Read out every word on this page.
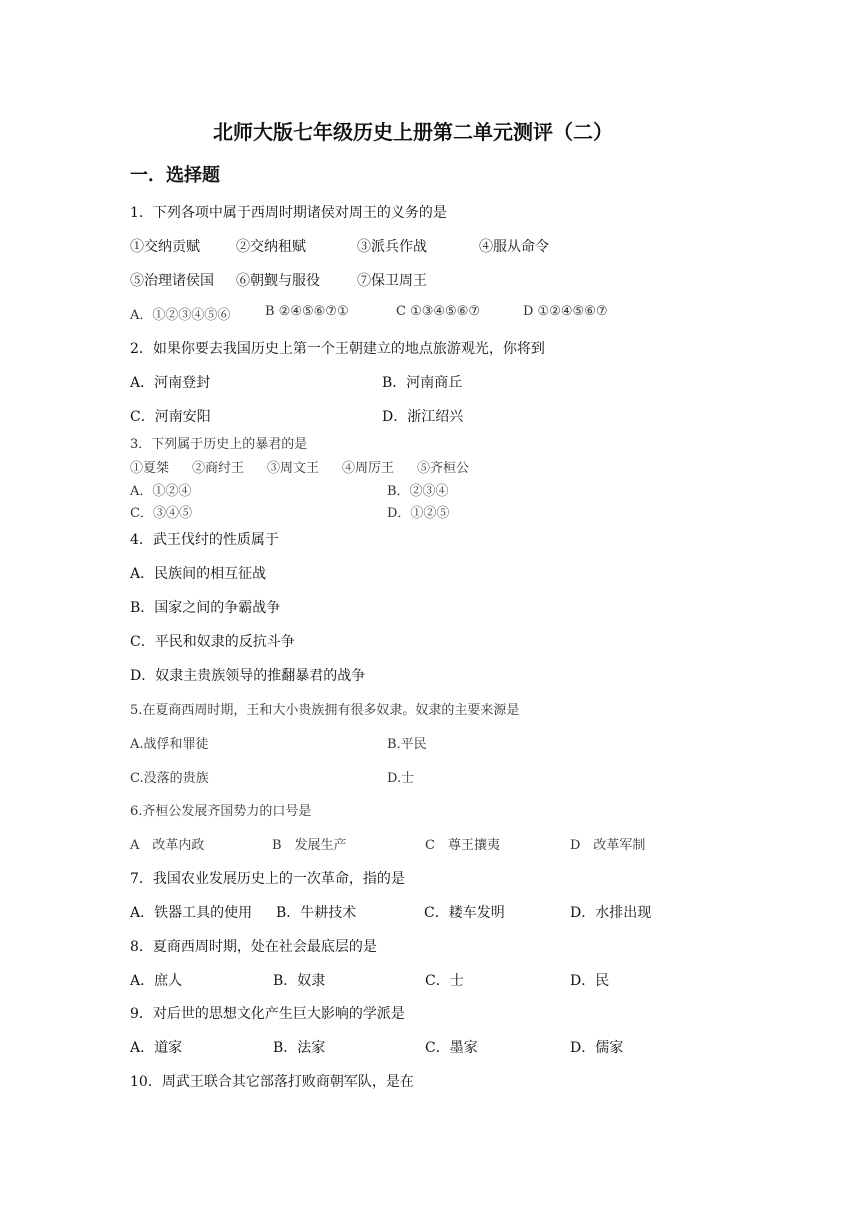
北师大版七年级历史上册第二单元测评（二）
一．选择题
1．下列各项中属于西周时期诸侯对周王的义务的是
①交纳贡赋	②交纳租赋	③派兵作战	④服从命令
⑤治理诸侯国 ⑥朝觐与服役	⑦保卫周王
A．①②③④⑤⑥	B ②④⑤⑥⑦①	C ①③④⑤⑥⑦	D ①②④⑤⑥⑦
2．如果你要去我国历史上第一个王朝建立的地点旅游观光，你将到
A．河南登封	B．河南商丘
C．河南安阳	D．浙江绍兴
3．下列属于历史上的暴君的是
①夏桀 ②商纣王 ③周文王 ④周厉王 ⑤齐桓公
A．①②④	B．②③④
C．③④⑤	D．①②⑤
4．武王伐纣的性质属于
A．民族间的相互征战
B．国家之间的争霸战争
C．平民和奴隶的反抗斗争
D．奴隶主贵族领导的推翻暴君的战争
5.在夏商西周时期，王和大小贵族拥有很多奴隶。奴隶的主要来源是
A.战俘和罪徒	B.平民
C.没落的贵族	D.士
6.齐桓公发展齐国势力的口号是
A　改革内政	B　发展生产	C　尊王攘夷	D　改革军制
7．我国农业发展历史上的一次革命，指的是
A．铁器工具的使用 B．牛耕技术	C．耧车发明	D．水排出现
8．夏商西周时期，处在社会最底层的是
A．庶人	B．奴隶	C．士	D．民
9．对后世的思想文化产生巨大影响的学派是
A．道家	B．法家	C．墨家	D．儒家
10．周武王联合其它部落打败商朝军队，是在
